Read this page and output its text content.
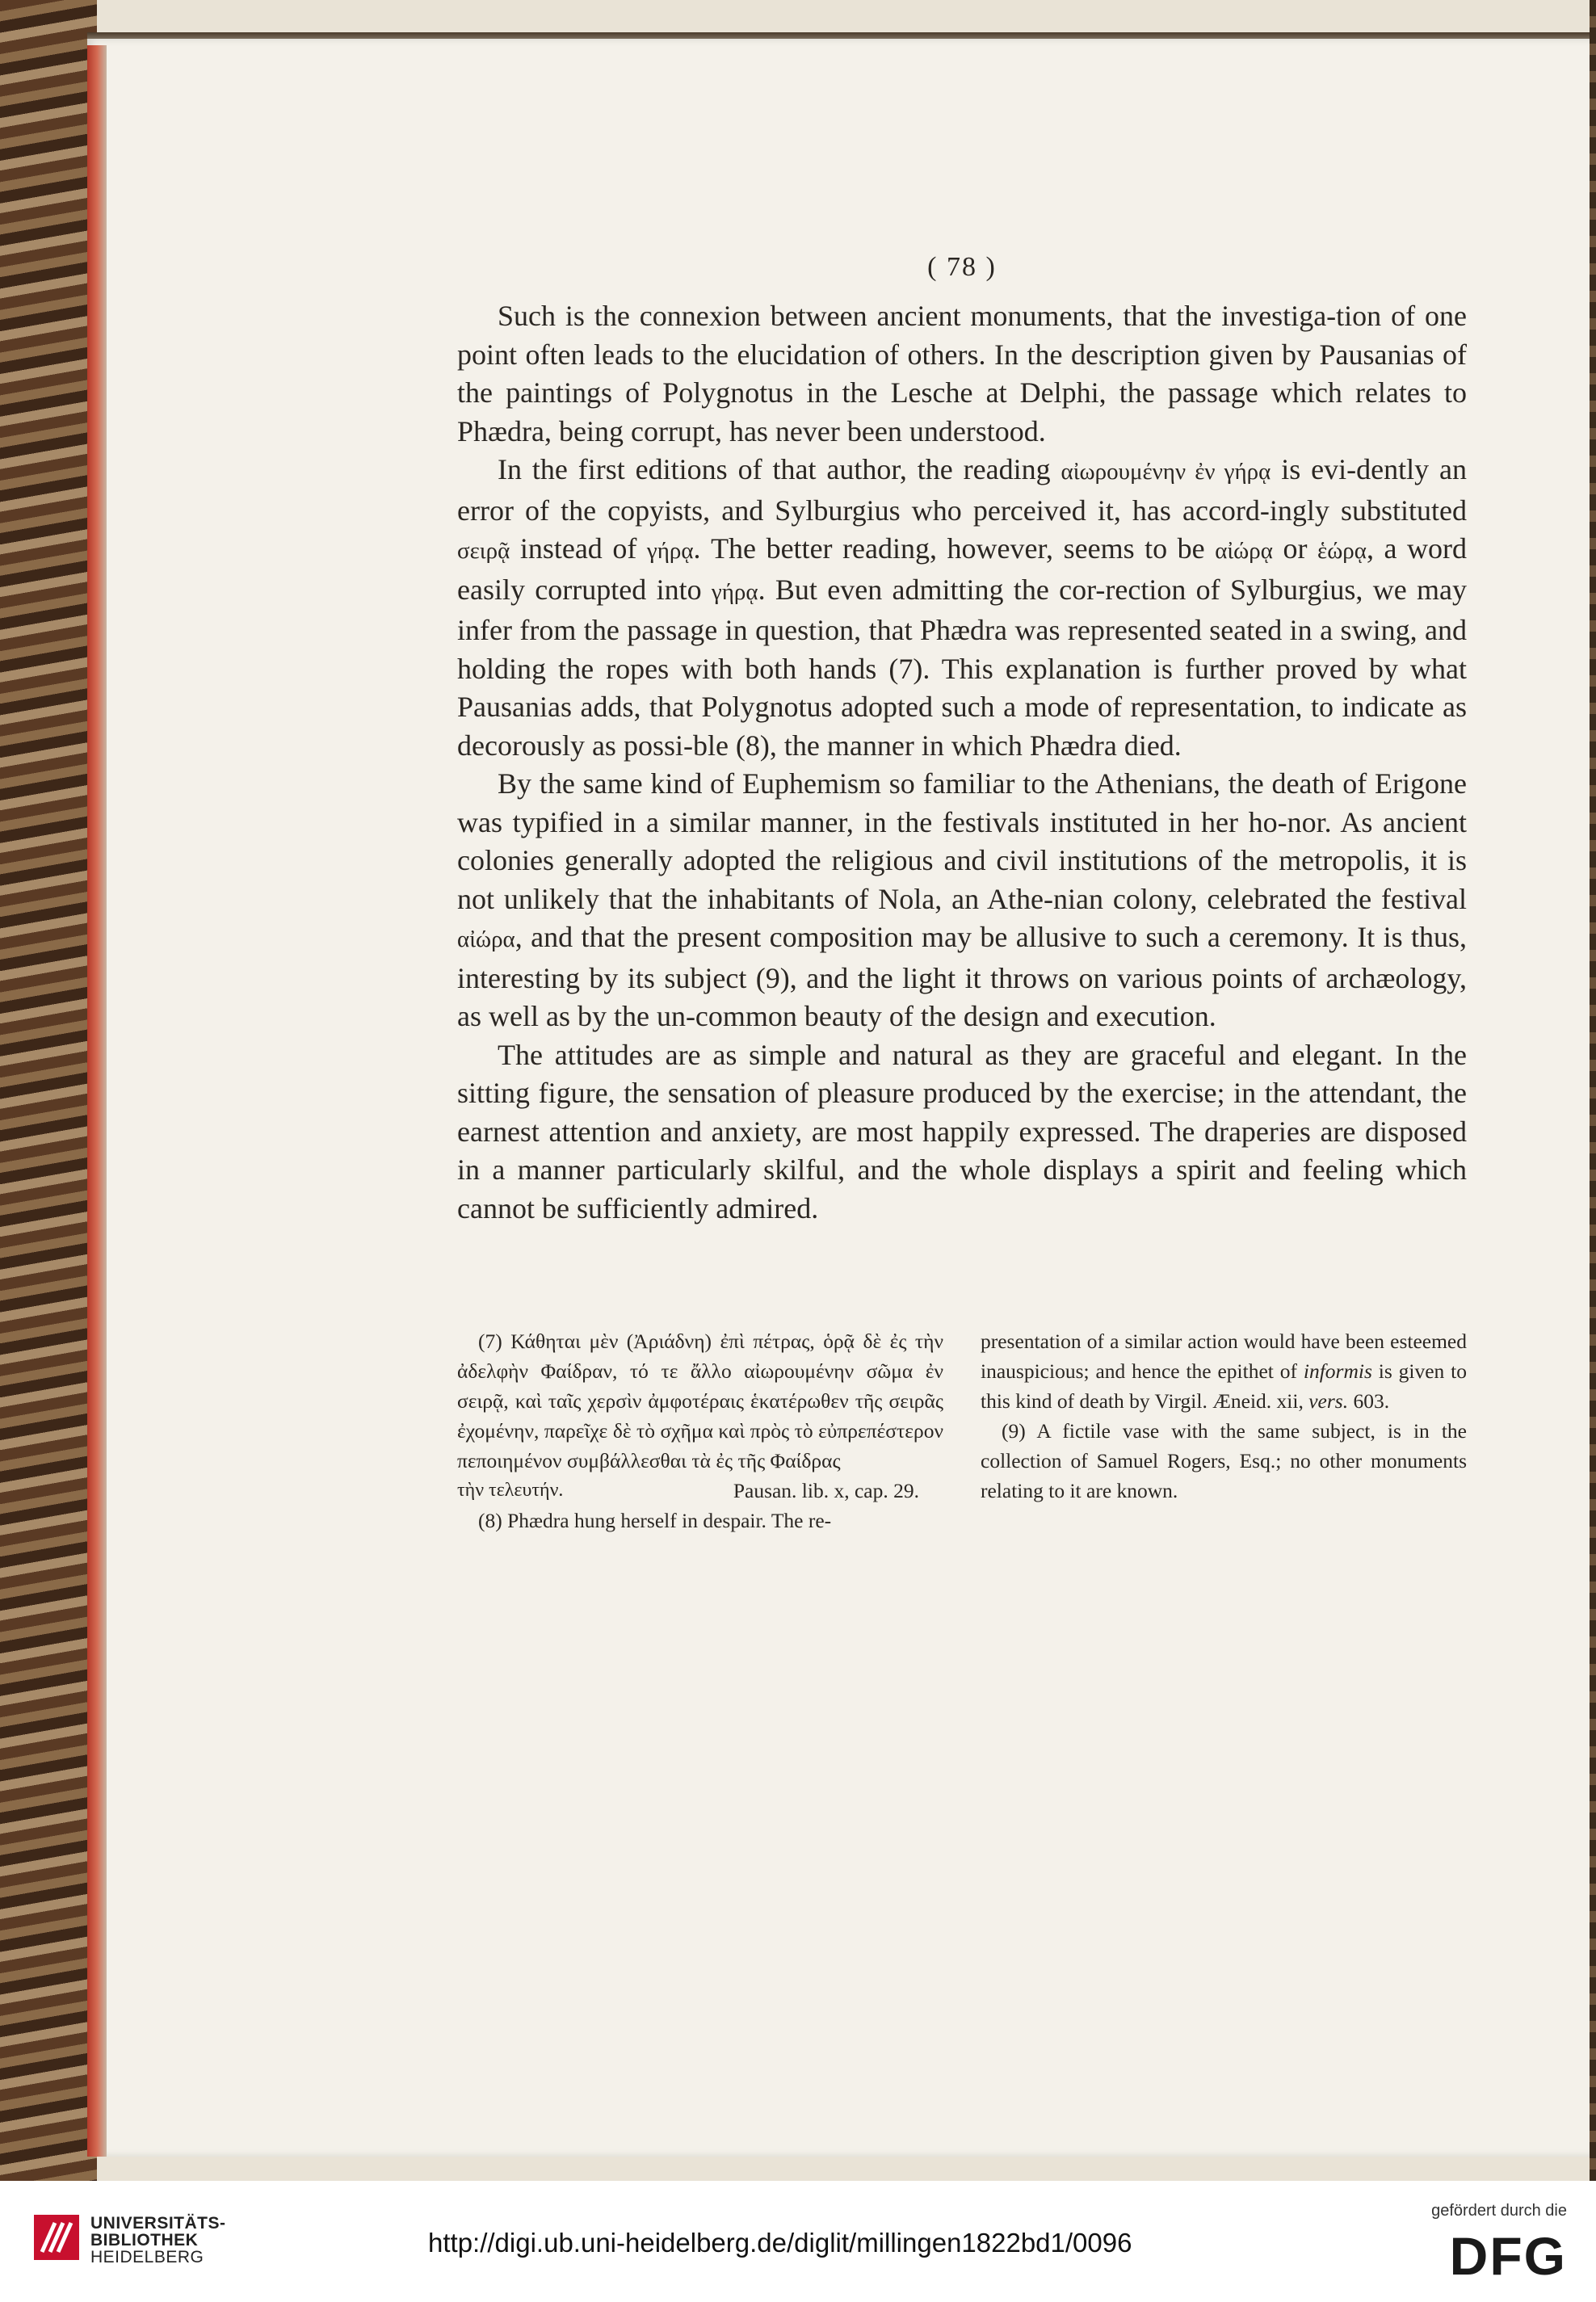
( 78 )

Such is the connexion between ancient monuments, that the investiga-tion of one point often leads to the elucidation of others. In the description given by Pausanias of the paintings of Polygnotus in the Lesche at Delphi, the passage which relates to Phædra, being corrupt, has never been understood.

In the first editions of that author, the reading αἰωρουμένην ἐν γήρᾳ is evi-dently an error of the copyists, and Sylburgius who perceived it, has accord-ingly substituted σειρᾷ instead of γήρᾳ. The better reading, however, seems to be αἰώρᾳ or ἑώρᾳ, a word easily corrupted into γήρᾳ. But even admitting the cor-rection of Sylburgius, we may infer from the passage in question, that Phædra was represented seated in a swing, and holding the ropes with both hands (7). This explanation is further proved by what Pausanias adds, that Polygnotus adopted such a mode of representation, to indicate as decorously as possi-ble (8), the manner in which Phædra died.

By the same kind of Euphemism so familiar to the Athenians, the death of Erigone was typified in a similar manner, in the festivals instituted in her ho-nor. As ancient colonies generally adopted the religious and civil institutions of the metropolis, it is not unlikely that the inhabitants of Nola, an Athe-nian colony, celebrated the festival αἰώρα, and that the present composition may be allusive to such a ceremony. It is thus, interesting by its subject (9), and the light it throws on various points of archæology, as well as by the un-common beauty of the design and execution.

The attitudes are as simple and natural as they are graceful and elegant. In the sitting figure, the sensation of pleasure produced by the exercise; in the attendant, the earnest attention and anxiety, are most happily expressed. The draperies are disposed in a manner particularly skilful, and the whole displays a spirit and feeling which cannot be sufficiently admired.

(7) Κάθηται μὲν (Ἀριάδνη) ἐπὶ πέτρας, ὁρᾷ δὲ ἐς τὴν ἀδελφὴν Φαίδραν, τό τε ἄλλο αἰωρουμένην σῶμα ἐν σειρᾷ, καὶ ταῖς χερσὶν ἀμφοτέραις ἑκατέρωθεν τῆς σειρᾶς ἐχομένην, παρεῖχε δὲ τὸ σχῆμα καὶ πρὸς τὸ εὐπρεπέστερον πεποιημένον συμβάλλεσθαι τὰ ἐς τῆς Φαίδρας

τὴν τελευτήν.	Pausan. lib. x, cap. 29.

(8) Phædra hung herself in despair. The re-

presentation of a similar action would have been esteemed inauspicious; and hence the epithet of informis is given to this kind of death by Virgil. Æneid. xii, vers. 603.

(9) A fictile vase with the same subject, is in the collection of Samuel Rogers, Esq.; no other monuments relating to it are known.

UNIVERSITÄTS-
BIBLIOTHEK
HEIDELBERG	http://digi.ub.uni-heidelberg.de/diglit/millingen1822bd1/0096
gefördert durch die
DFG
